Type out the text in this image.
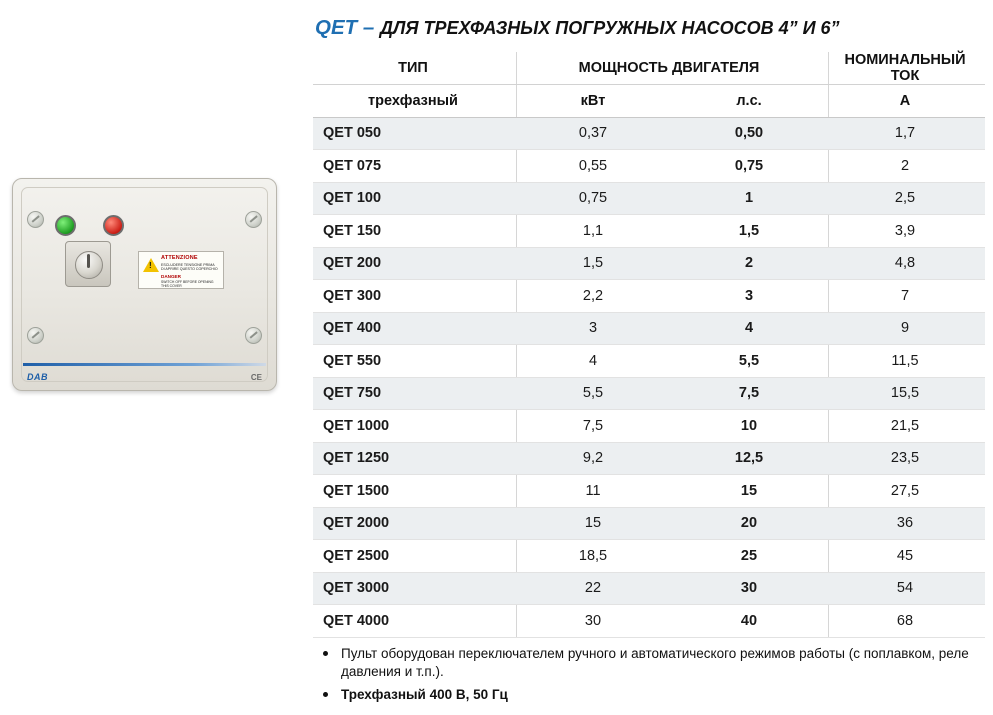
!
ATTENZIONE
ESCLUDERE TENSIONE PRIMA DI APRIRE QUESTO COPERCHIO
DANGER
SWITCH OFF BEFORE OPENING THIS COVER
DAB	CE
QET – ДЛЯ ТРЕХФАЗНЫХ ПОГРУЖНЫХ НАСОСОВ 4” И 6”
ТИП	МОЩНОСТЬ ДВИГАТЕЛЯ		НОМИНАЛЬНЫЙ ТОК
трехфазный	кВт	л.с.	A
QET 050	0,37	0,50	1,7
QET 075	0,55	0,75	2
QET 100	0,75	1	2,5
QET 150	1,1	1,5	3,9
QET 200	1,5	2	4,8
QET 300	2,2	3	7
QET 400	3	4	9
QET 550	4	5,5	11,5
QET 750	5,5	7,5	15,5
QET 1000	7,5	10	21,5
QET 1250	9,2	12,5	23,5
QET 1500	11	15	27,5
QET 2000	15	20	36
QET 2500	18,5	25	45
QET 3000	22	30	54
QET 4000	30	40	68
Пульт оборудован переключателем ручного и автоматического режимов работы (с поплавком, реле давления и т.п.).
Трехфазный 400 В, 50 Гц
